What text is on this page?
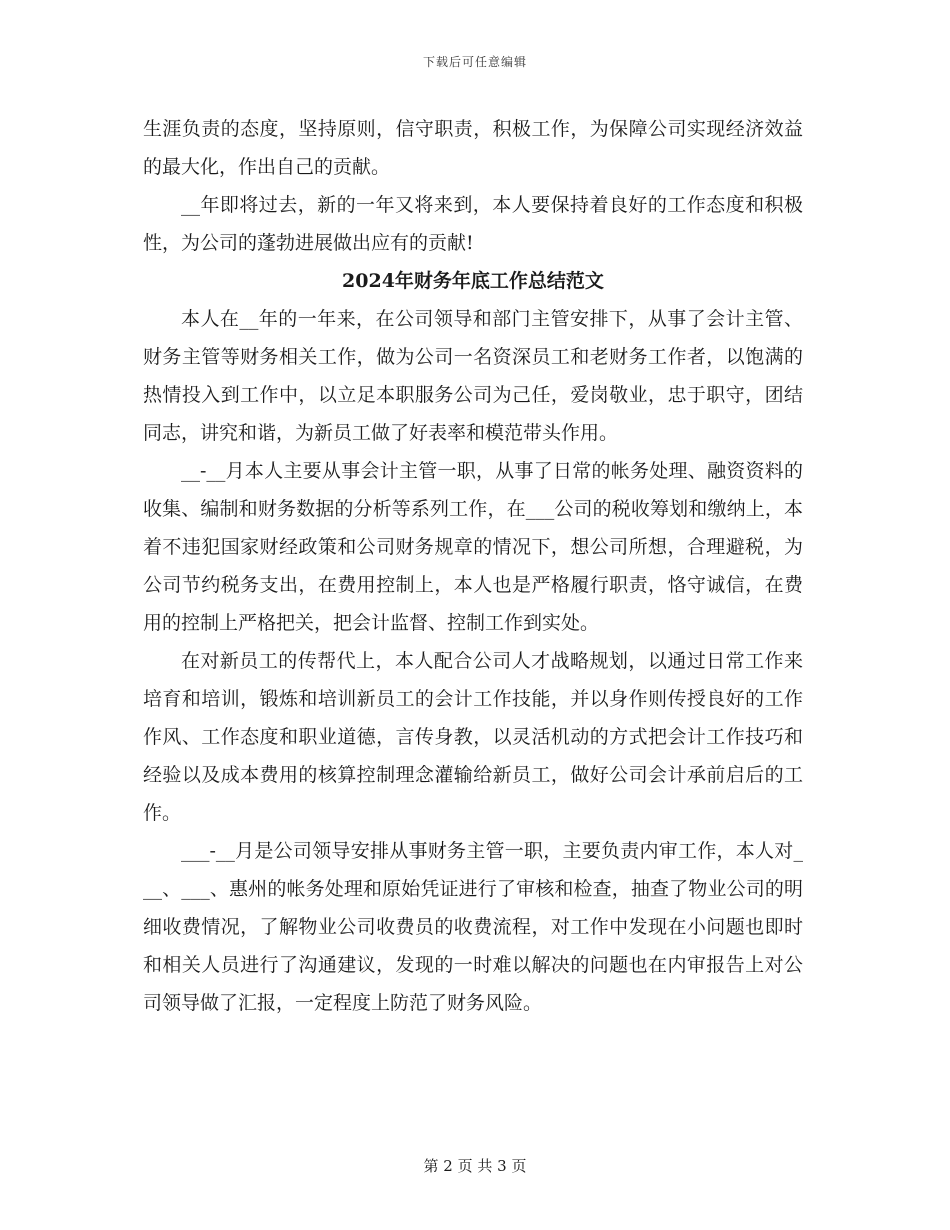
下载后可任意编辑

生涯负责的态度，坚持原则，信守职责，积极工作，为保障公司实现经济效益的最大化，作出自己的贡献。

__年即将过去，新的一年又将来到，本人要保持着良好的工作态度和积极性，为公司的蓬勃进展做出应有的贡献!

2024年财务年底工作总结范文

本人在__年的一年来，在公司领导和部门主管安排下，从事了会计主管、财务主管等财务相关工作，做为公司一名资深员工和老财务工作者，以饱满的热情投入到工作中，以立足本职服务公司为己任，爱岗敬业，忠于职守，团结同志，讲究和谐，为新员工做了好表率和模范带头作用。

__-__月本人主要从事会计主管一职，从事了日常的帐务处理、融资资料的收集、编制和财务数据的分析等系列工作，在___公司的税收筹划和缴纳上，本着不违犯国家财经政策和公司财务规章的情况下，想公司所想，合理避税，为公司节约税务支出，在费用控制上，本人也是严格履行职责，恪守诚信，在费用的控制上严格把关，把会计监督、控制工作到实处。

在对新员工的传帮代上，本人配合公司人才战略规划，以通过日常工作来培育和培训，锻炼和培训新员工的会计工作技能，并以身作则传授良好的工作作风、工作态度和职业道德，言传身教，以灵活机动的方式把会计工作技巧和经验以及成本费用的核算控制理念灌输给新员工，做好公司会计承前启后的工作。

___-__月是公司领导安排从事财务主管一职，主要负责内审工作，本人对___、___、惠州的帐务处理和原始凭证进行了审核和检查，抽查了物业公司的明细收费情况，了解物业公司收费员的收费流程，对工作中发现在小问题也即时和相关人员进行了沟通建议，发现的一时难以解决的问题也在内审报告上对公司领导做了汇报，一定程度上防范了财务风险。

第 2 页 共 3 页
